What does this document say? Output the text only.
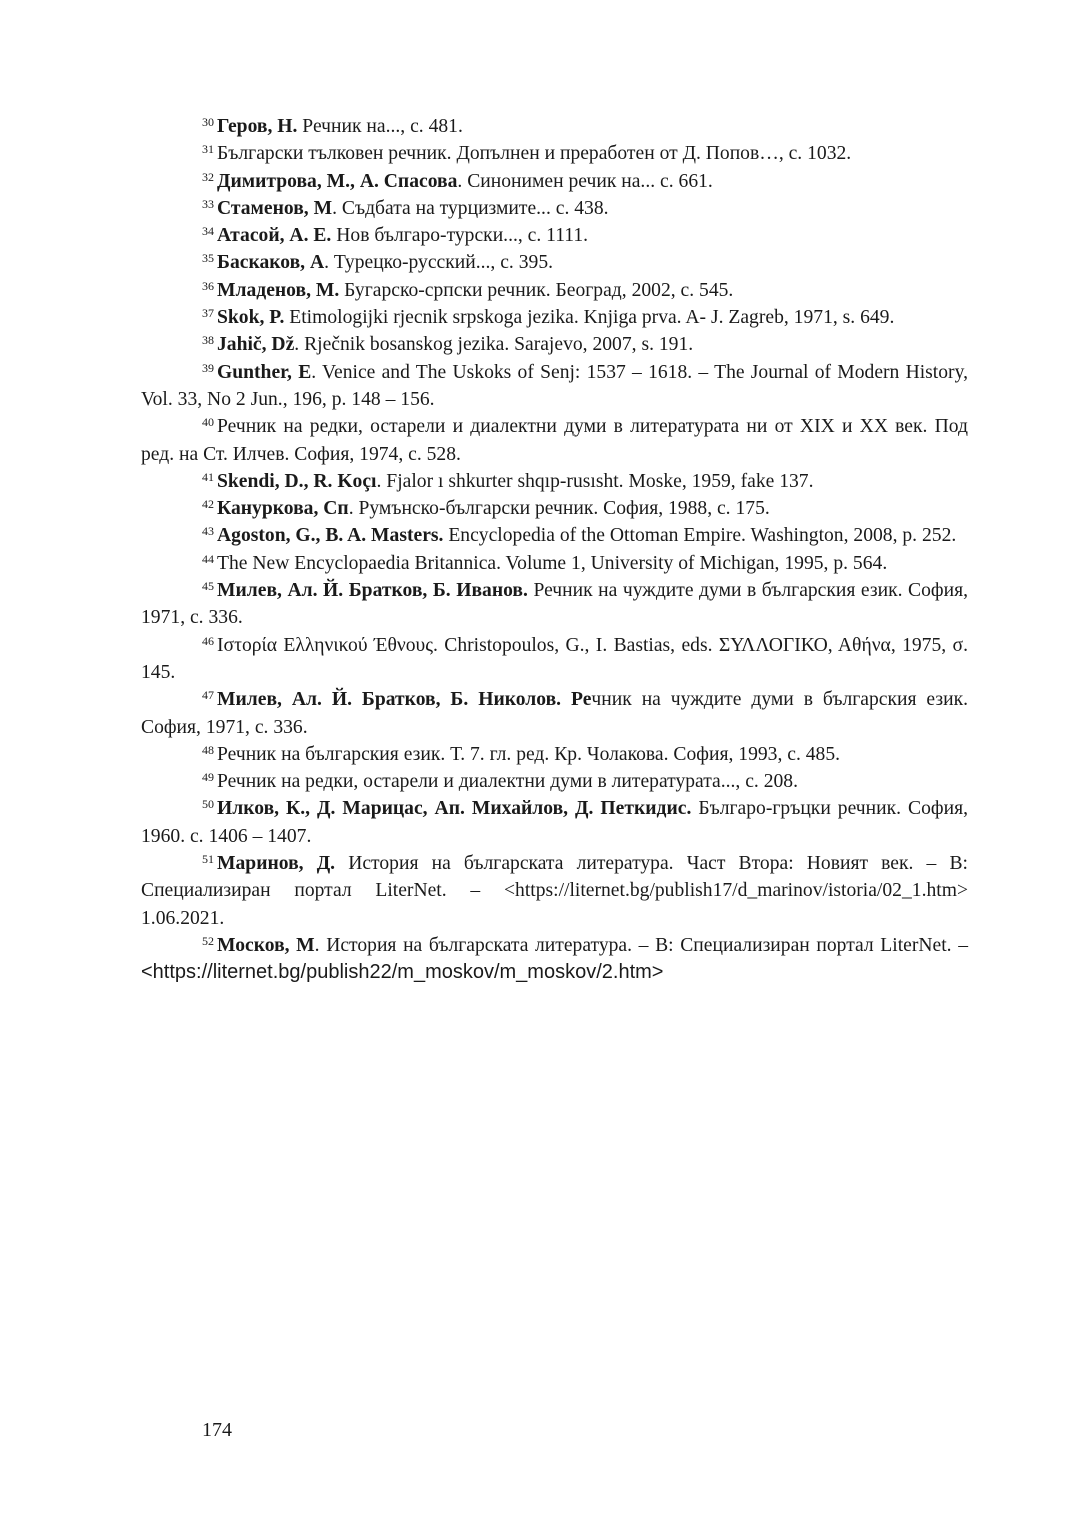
$^{30}$ Геров, Н. Речник на..., с. 481.

$^{31}$ Български тълковен речник. Допълнен и преработен от Д. Попов…, с. 1032.

$^{32}$ Димитрова, М., А. Спасова. Синонимен речик на... с. 661.

$^{33}$ Стаменов, М. Съдбата на турцизмите... с. 438.

$^{34}$ Атасой, А. Е. Нов българо-турски..., с. 1111.

$^{35}$ Баскаков, А. Турецко-русский..., с. 395.

$^{36}$ Младенов, М. Бугарско-српски речник. Београд, 2002, с. 545.

$^{37}$ Skok, P. Etimologijki rjecnik srpskoga jezika. Knjiga prva. A- J. Zagreb, 1971, s. 649.

$^{38}$ Jahič, Dž. Rječnik bosanskog jezika. Sarajevo, 2007, s. 191.

$^{39}$ Gunther, E. Venice and The Uskoks of Senj: 1537 – 1618. – The Journal of Modern History, Vol. 33, No 2 Jun., 196, p. 148 – 156.

$^{40}$ Речник на редки, остарели и диалектни думи в литературата ни от XIX и XX век. Под ред. на Ст. Илчев. София, 1974, с. 528.

$^{41}$ Skendi, D., R. Koçı. Fjalor ı shkurter shqıp-rusısht. Moske, 1959, fake 137.

$^{42}$ Кануркова, Сп. Румънско-български речник. София, 1988, с. 175.

$^{43}$ Agoston, G., B. A. Masters. Encyclopedia of the Ottoman Empire. Washington, 2008, p. 252.

$^{44}$ The New Encyclopaedia Britannica. Volume 1, University of Michigan, 1995, p. 564.

$^{45}$ Милев, Ал. Й. Братков, Б. Иванов. Речник на чуждите думи в българския език. София, 1971, с. 336.

$^{46}$ Ιστορία Ελληνικού Έθνους. Christopoulos, G., I. Bastias, eds. ΣΥΛΛΟΓΙΚΟ, Αθήνα, 1975, σ. 145.

$^{47}$ Милев, Ал. Й. Братков, Б. Николов. Речник на чуждите думи в българския език. София, 1971, с. 336.

$^{48}$ Речник на българския език. Т. 7. гл. ред. Кр. Чолакова. София, 1993, с. 485.

$^{49}$ Речник на редки, остарели и диалектни думи в литературата..., с. 208.

$^{50}$ Илков, К., Д. Марицас, Ап. Михайлов, Д. Петкидис. Българо-гръцки речник. София, 1960. с. 1406 – 1407.

$^{51}$ Маринов, Д. История на българската литература. Част Втора: Новият век. – В: Специализиран портал LiterNet. – <https://liternet.bg/publish17/d_marinov/istoria/02_1.htm> 1.06.2021.

$^{52}$ Москов, М. История на българската литература. – В: Специализиран портал LiterNet. – <https://liternet.bg/publish22/m_moskov/m_moskov/2.htm>

174
